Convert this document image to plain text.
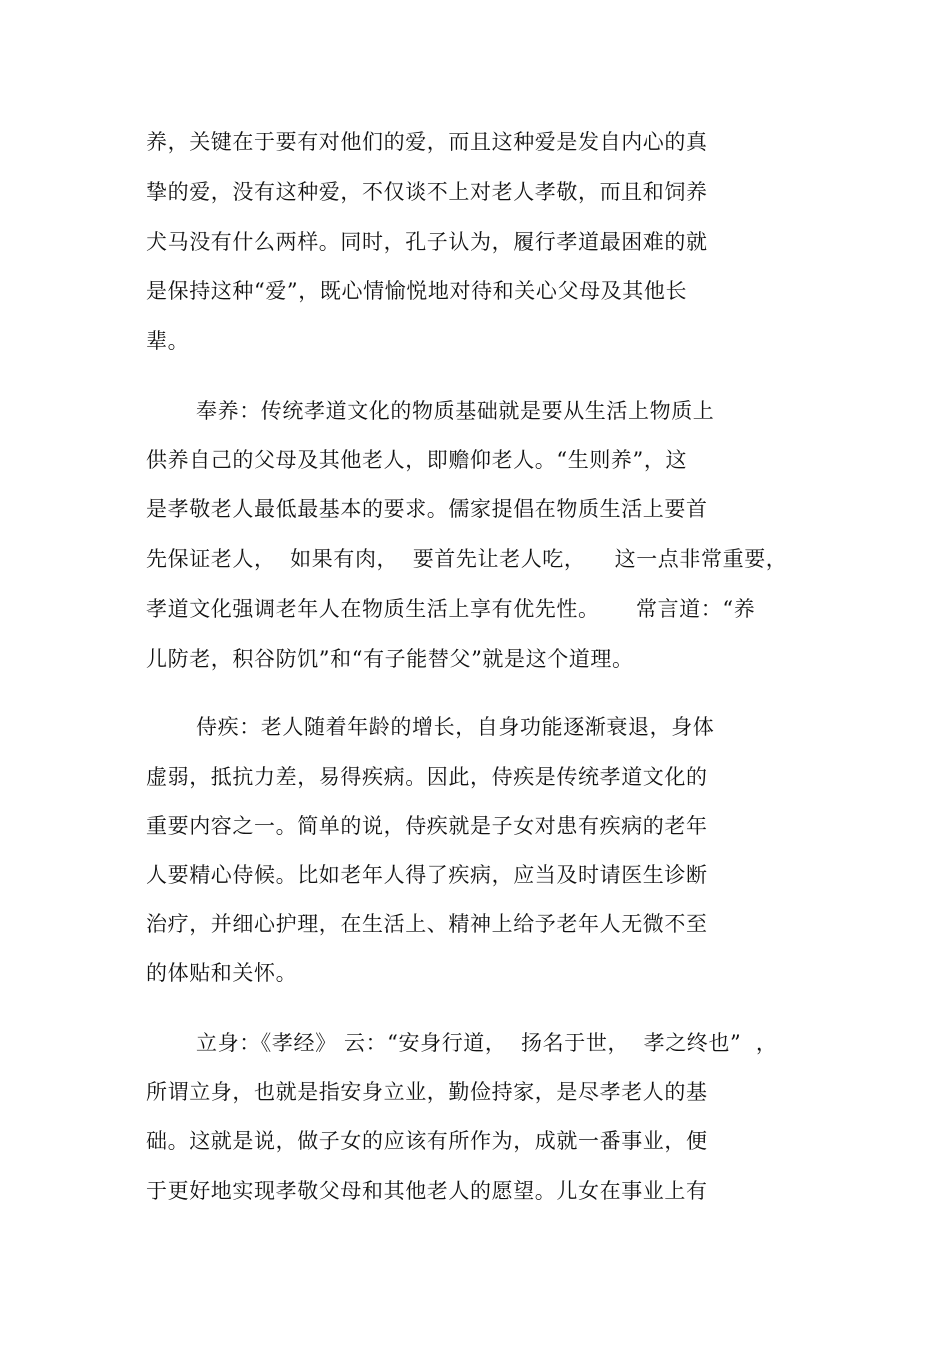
养，关键在于要有对他们的爱，而且这种爱是发自内心的真
挚的爱，没有这种爱，不仅谈不上对老人孝敬，而且和饲养
犬马没有什么两样。同时，孔子认为，履行孝道最困难的就
是保持这种“爱”，既心情愉悦地对待和关心父母及其他长
辈。
奉养：传统孝道文化的物质基础就是要从生活上物质上
供养自己的父母及其他老人，即赡仰老人。“生则养”，这
是孝敬老人最低最基本的要求。儒家提倡在物质生活上要首
先保证老人，  如果有肉，  要首先让老人吃，    这一点非常重要，
孝道文化强调老年人在物质生活上享有优先性。     常言道：“养
儿防老，积谷防饥”和“有子能替父”就是这个道理。
侍疾：老人随着年龄的增长，自身功能逐渐衰退，身体
虚弱，抵抗力差，易得疾病。因此，侍疾是传统孝道文化的
重要内容之一。简单的说，侍疾就是子女对患有疾病的老年
人要精心侍候。比如老年人得了疾病，应当及时请医生诊断
治疗，并细心护理，在生活上、精神上给予老年人无微不至
的体贴和关怀。
立身：《孝经》 云：“安身行道，  扬名于世，  孝之终也”  ，
所谓立身，也就是指安身立业，勤俭持家，是尽孝老人的基
础。这就是说，做子女的应该有所作为，成就一番事业，便
于更好地实现孝敬父母和其他老人的愿望。儿女在事业上有
